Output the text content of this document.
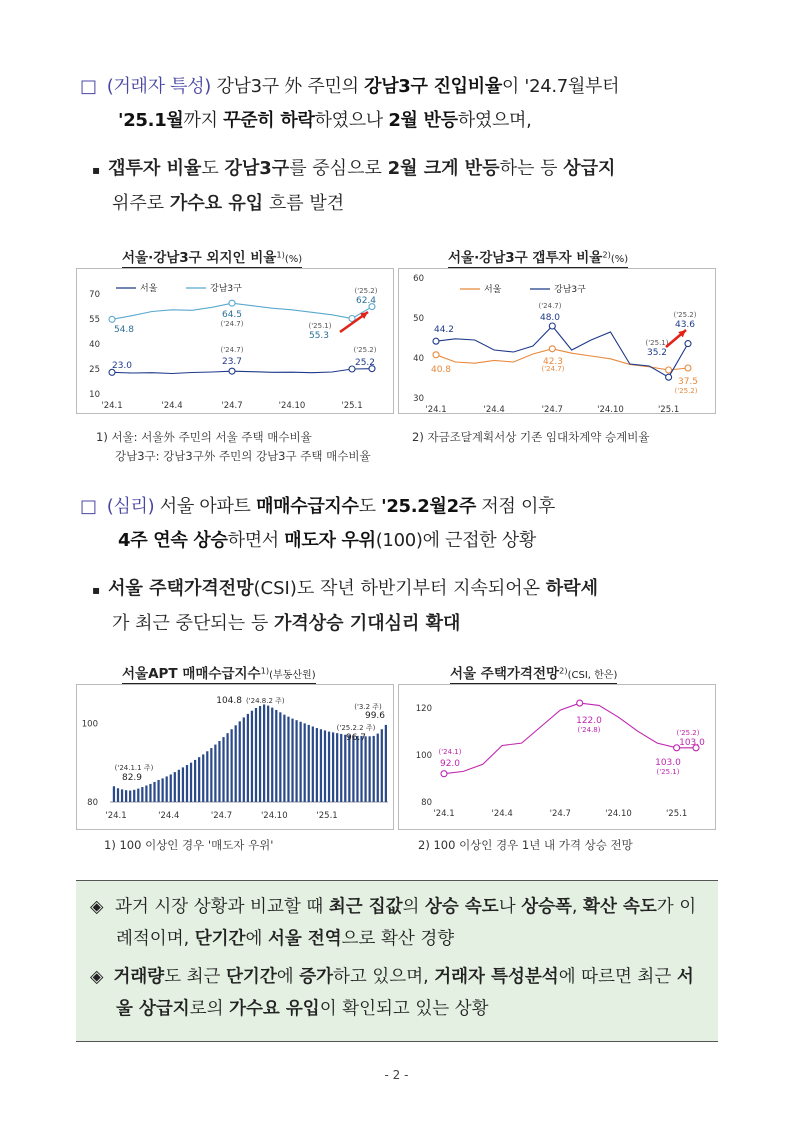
□ (거래자 특성) 강남3구 外 주민의 강남3구 진입비율이 '24.7월부터
'25.1월까지 꾸준히 하락하였으나 2월 반등하였으며,
▪ 갭투자 비율도 강남3구를 중심으로 2월 크게 반등하는 등 상급지
위주로 가수요 유입 흐름 발견
서울·강남3구 외지인 비율$^{1)}$(%)
10
25
40
55
70
'24.1	'24.4	'24.7	'24.10	'25.1
서울	강남3구
54.8
64.5
('24.7)
55.3
('25.1)
62.4
('25.2)
23.0	23.7
('24.7)
25.2
('25.2)
1) 서울: 서울外 주민의 서울 주택 매수비율
강남3구: 강남3구外 주민의 강남3구 주택 매수비율
서울·강남3구 갭투자 비율$^{2)}$(%)
30
40
50
60
'24.1	'24.4	'24.7	'24.10	'25.1
서울	강남3구
44.2
48.0
('24.7)
35.2
('25.1)
43.6
('25.2)
40.8
42.3
('24.7)
37.5
('25.2)
2) 자금조달계획서상 기존 임대차계약 승계비율
□ (심리) 서울 아파트 매매수급지수도 '25.2월2주 저점 이후
4주 연속 상승하면서 매도자 우위(100)에 근접한 상황
▪ 서울 주택가격전망(CSI)도 작년 하반기부터 지속되어온 하락세
가 최근 중단되는 등 가격상승 기대심리 확대
서울APT 매매수급지수$^{1)}$(부동산원)
80
100
'24.1	'24.4	'24.7	'24.10	'25.1
82.9
('24.1.1 주)
104.8 ('24.8.2 주)
96.7
('25.2.2 주)
99.6
('3.2 주)
1) 100 이상인 경우 '매도자 우위'
서울 주택가격전망$^{2)}$(CSI, 한은)
80
100
120
'24.1	'24.4	'24.7	'24.10	'25.1
92.0
('24.1)
122.0
('24.8)
103.0
('25.1)
103.0
('25.2)
2) 100 이상인 경우 1년 내 가격 상승 전망

◈ 과거 시장 상황과 비교할 때 최근 집값의 상승 속도나 상승폭, 확산 속도가 이례적이며, 단기간에 서울 전역으로 확산 경향

◈ 거래량도 최근 단기간에 증가하고 있으며, 거래자 특성분석에 따르면 최근 서울 상급지로의 가수요 유입이 확인되고 있는 상황

- 2 -
